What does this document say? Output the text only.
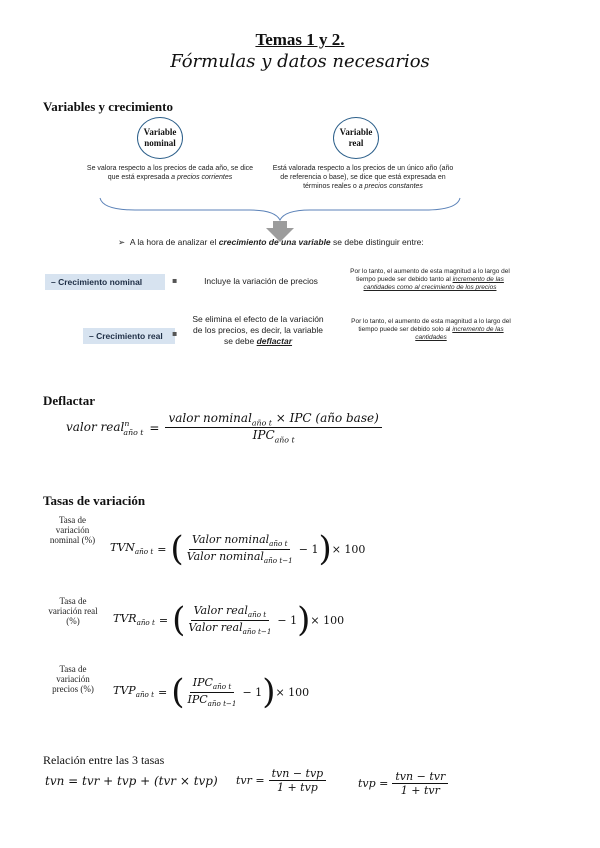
Temas 1 y 2.
Fórmulas y datos necesarios
Variables y crecimiento
Variable nominal
Variable real
Se valora respecto a los precios de cada año, se dice que está expresada a precios corrientes
Está valorada respecto a los precios de un único año (año de referencia o base), se dice que está expresada en términos reales o a precios constantes
➢  A la hora de analizar el crecimiento de una variable se debe distinguir entre:
– Crecimiento nominal	▪	Incluye la variación de precios
Por lo tanto, el aumento de esta magnitud a lo largo del tiempo puede ser debido tanto al incremento de las cantidades como al crecimiento de los precios
– Crecimiento real	▪
Se elimina el efecto de la variación de los precios, es decir, la variable se debe deflactar
Por lo tanto, el aumento de esta magnitud a lo largo del tiempo puede ser debido solo al incremento de las cantidades
Deflactar
valor real$^n_{año t}$ = $\frac{valor nominal_{año t} \times IPC (año base)}{IPC_{año t}}$
Tasas de variación
Tasa de variación nominal (%)
$TVN_{año t}$ = ( $\frac{Valor nominal_{año t}}{Valor nominal_{año t-1}} - 1$ ) × 100
Tasa de variación real (%)	$TVR_{año t}$ = ( $\frac{Valor real_{año t}}{Valor real_{año t-1}} - 1$ ) × 100
Tasa de variación precios (%)	$TVP_{año t}$ = ( $\frac{IPC_{año t}}{IPC_{año t-1}} - 1$ ) × 100
Relación entre las 3 tasas
tvn = tvr + tvp + (tvr × tvp) tvr = $\frac{\text{tvn − tvp}}{\text{1 + tvp}}$	tvp = $\frac{\text{tvn − tvr}}{\text{1 + tvr}}$
